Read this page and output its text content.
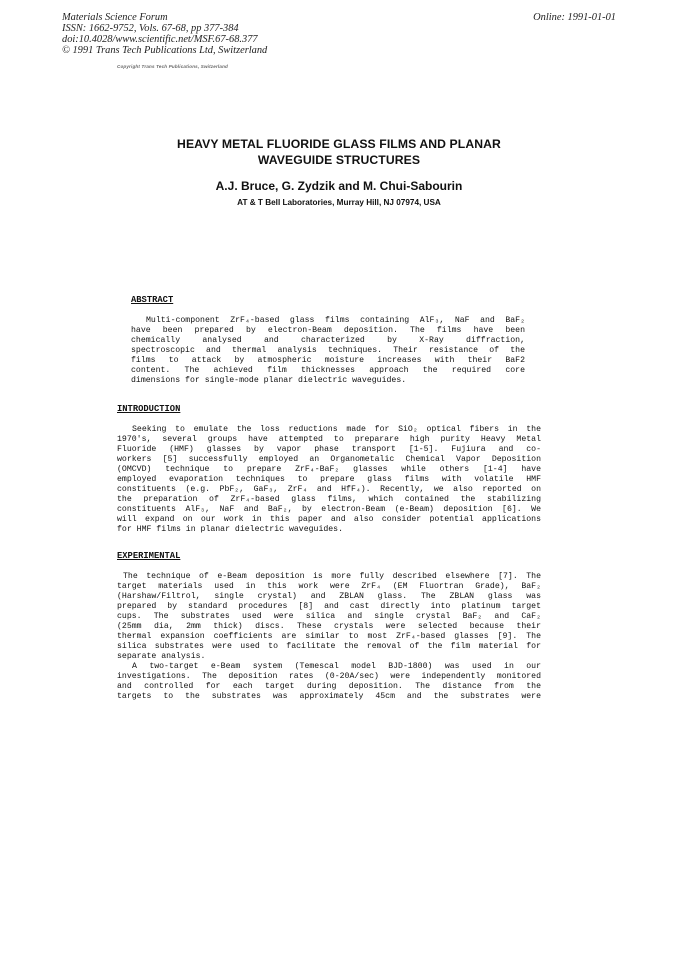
Materials Science Forum
ISSN: 1662-9752, Vols. 67-68, pp 377-384
doi:10.4028/www.scientific.net/MSF.67-68.377
© 1991 Trans Tech Publications Ltd, Switzerland
Online: 1991-01-01
Copyright Trans Tech Publications, Switzerland
HEAVY METAL FLUORIDE GLASS FILMS AND PLANAR
WAVEGUIDE STRUCTURES
A.J. Bruce, G. Zydzik and M. Chui-Sabourin
AT & T Bell Laboratories, Murray Hill, NJ 07974, USA
ABSTRACT
Multi-component ZrF₄-based glass films containing AlF₃, NaF and BaF₂
have been prepared by electron-Beam deposition. The films have been
chemically analysed and characterized by X-Ray diffraction,
spectroscopic and thermal analysis techniques. Their resistance of the
films to attack by atmospheric moisture increases with their BaF2
content. The achieved film thicknesses approach the required core
dimensions for single-mode planar dielectric waveguides.
INTRODUCTION
Seeking to emulate the loss reductions made for SiO₂ optical fibers in the
1970's, several groups have attempted to preparare high purity Heavy Metal
Fluoride (HMF) glasses by vapor phase transport [1-5]. Fujiura and co-
workers [5] successfully employed an Organometalic Chemical Vapor Deposition
(OMCVD) technique to prepare ZrF₄-BaF₂ glasses while others [1-4] have
employed evaporation techniques to prepare glass films with volatile HMF
constituents (e.g. PbF₂, GaF₃, ZrF₄ and HfF₄). Recently, we also reported on
the preparation of ZrF₄-based glass films, which contained the stabilizing
constituents AlF₃, NaF and BaF₂, by electron-Beam (e-Beam) deposition [6]. We
will expand on our work in this paper and also consider potential applications
for HMF films in planar dielectric waveguides.
EXPERIMENTAL
The technique of e-Beam deposition is more fully described elsewhere [7]. The
target materials used in this work were ZrF₄ (EM Fluortran Grade), BaF₂
(Harshaw/Filtrol, single crystal) and ZBLAN glass. The ZBLAN glass was
prepared by standard procedures [8] and cast directly into platinum target
cups. The substrates used were silica and single crystal BaF₂ and CaF₂
(25mm dia, 2mm thick) discs. These crystals were selected because their
thermal expansion coefficients are similar to most ZrF₄-based glasses [9]. The
silica substrates were used to facilitate the removal of the film material for
separate analysis.
A two-target e-Beam system (Temescal model BJD-1800) was used in our
investigations. The deposition rates (0-20A/sec) were independently monitored
and controlled for each target during deposition. The distance from the
targets to the substrates was approximately 45cm and the substrates were
